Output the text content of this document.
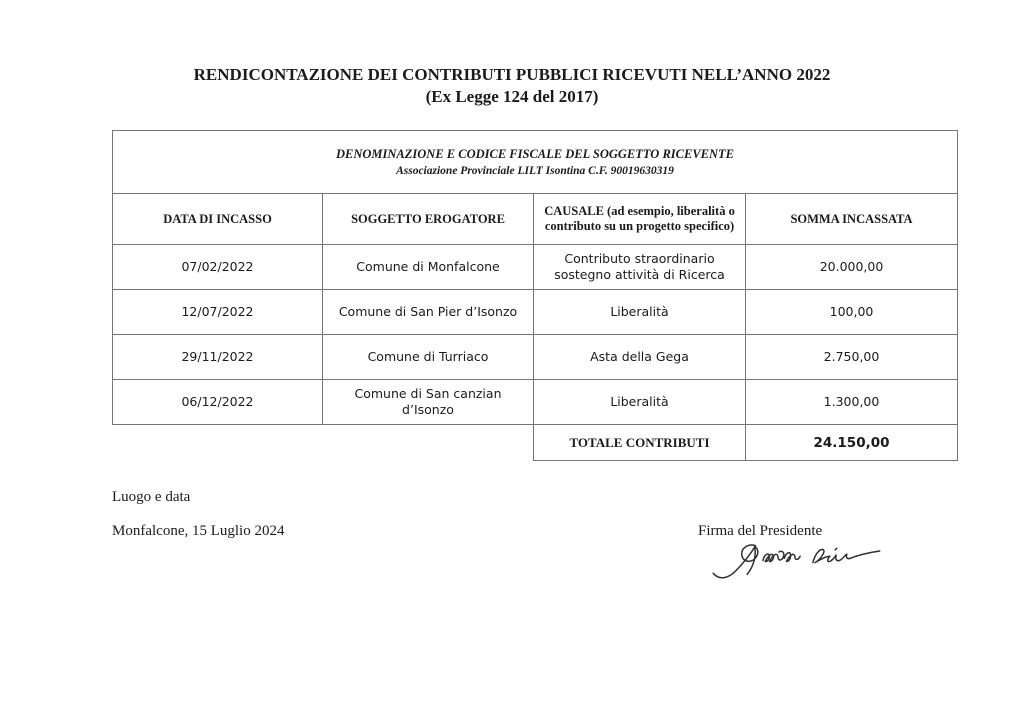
RENDICONTAZIONE DEI CONTRIBUTI PUBBLICI RICEVUTI NELL’ANNO 2022
(Ex Legge 124 del 2017)
DENOMINAZIONE E CODICE FISCALE DEL SOGGETTO RICEVENTE
Associazione Provinciale LILT Isontina C.F. 90019630319			

DATA DI INCASSO	SOGGETTO EROGATORE	CAUSALE (ad esempio, liberalità o contributo su un progetto specifico)	SOMMA INCASSATA
07/02/2022	Comune di Monfalcone	Contributo straordinario sostegno attività di Ricerca	20.000,00
12/07/2022	Comune di San Pier d’Isonzo	Liberalità	100,00
29/11/2022	Comune di Turriaco	Asta della Gega	2.750,00
06/12/2022	Comune di San canzian d’Isonzo	Liberalità	1.300,00
		TOTALE CONTRIBUTI	24.150,00
Luogo e data
Monfalcone, 15 Luglio 2024	Firma del Presidente
